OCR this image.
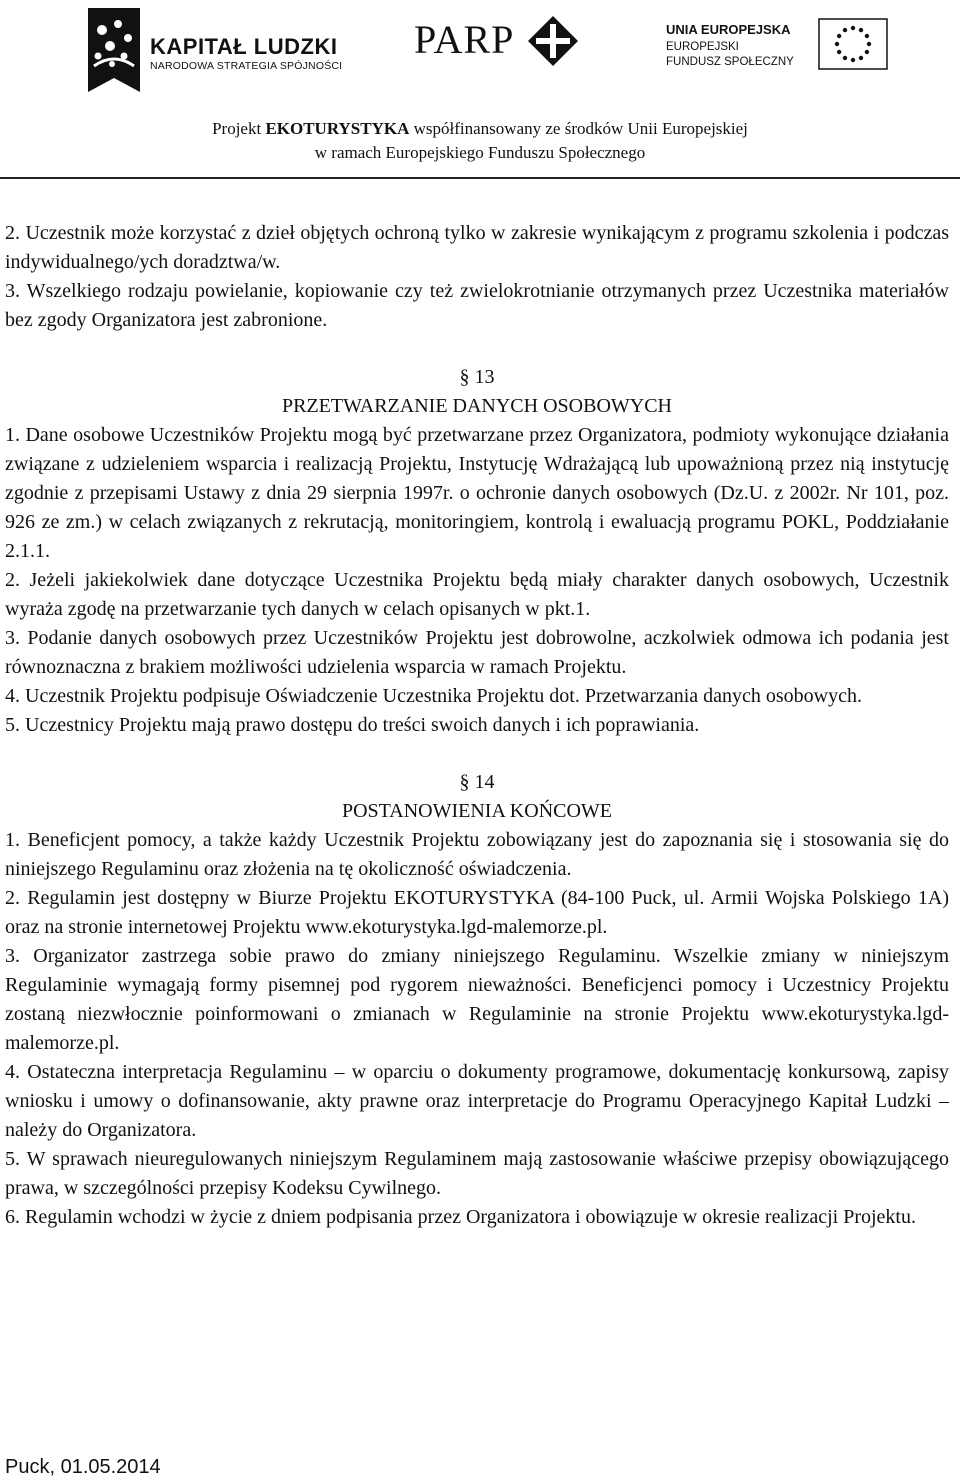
KAPITAŁ LUDZKI
NARODOWA STRATEGIA SPÓJNOŚCI
PARP	UNIA EUROPEJSKA
EUROPEJSKI
FUNDUSZ SPOŁECZNY
Projekt EKOTURYSTYKA współfinansowany ze środków Unii Europejskiej
w ramach Europejskiego Funduszu Społecznego

2. Uczestnik może korzystać z dzieł objętych ochroną tylko w zakresie wynikającym z programu szkolenia i podczas indywidualnego/ych doradztwa/w.

3. Wszelkiego rodzaju powielanie, kopiowanie czy też zwielokrotnianie otrzymanych przez Uczestnika materiałów bez zgody Organizatora jest zabronione.

§ 13

PRZETWARZANIE DANYCH OSOBOWYCH

1. Dane osobowe Uczestników Projektu mogą być przetwarzane przez Organizatora, podmioty wykonujące działania związane z udzieleniem wsparcia i realizacją Projektu, Instytucję Wdrażającą lub upoważnioną przez nią instytucję zgodnie z przepisami Ustawy z dnia 29 sierpnia 1997r. o ochronie danych osobowych (Dz.U. z 2002r. Nr 101, poz. 926 ze zm.) w celach związanych z rekrutacją, monitoringiem, kontrolą i ewaluacją programu POKL, Poddziałanie 2.1.1.

2. Jeżeli jakiekolwiek dane dotyczące Uczestnika Projektu będą miały charakter danych osobowych, Uczestnik wyraża zgodę na przetwarzanie tych danych w celach opisanych w pkt.1.

3. Podanie danych osobowych przez Uczestników Projektu jest dobrowolne, aczkolwiek odmowa ich podania jest równoznaczna z brakiem możliwości udzielenia wsparcia w ramach Projektu.

4. Uczestnik Projektu podpisuje Oświadczenie Uczestnika Projektu dot. Przetwarzania danych osobowych.

5. Uczestnicy Projektu mają prawo dostępu do treści swoich danych i ich poprawiania.

§ 14

POSTANOWIENIA KOŃCOWE

1. Beneficjent pomocy, a także każdy Uczestnik Projektu zobowiązany jest do zapoznania się i stosowania się do niniejszego Regulaminu oraz złożenia na tę okoliczność oświadczenia.

2. Regulamin jest dostępny w Biurze Projektu EKOTURYSTYKA (84-100 Puck, ul. Armii Wojska Polskiego 1A) oraz na stronie internetowej Projektu www.ekoturystyka.lgd-malemorze.pl.

3. Organizator zastrzega sobie prawo do zmiany niniejszego Regulaminu. Wszelkie zmiany w niniejszym Regulaminie wymagają formy pisemnej pod rygorem nieważności. Beneficjenci pomocy i Uczestnicy Projektu zostaną niezwłocznie poinformowani o zmianach w Regulaminie na stronie Projektu www.ekoturystyka.lgd-malemorze.pl.

4. Ostateczna interpretacja Regulaminu – w oparciu o dokumenty programowe, dokumentację konkursową, zapisy wniosku i umowy o dofinansowanie, akty prawne oraz interpretacje do Programu Operacyjnego Kapitał Ludzki – należy do Organizatora.

5. W sprawach nieuregulowanych niniejszym Regulaminem mają zastosowanie właściwe przepisy obowiązującego prawa, w szczególności przepisy Kodeksu Cywilnego.

6. Regulamin wchodzi w życie z dniem podpisania przez Organizatora i obowiązuje w okresie realizacji Projektu.

Puck, 01.05.2014
